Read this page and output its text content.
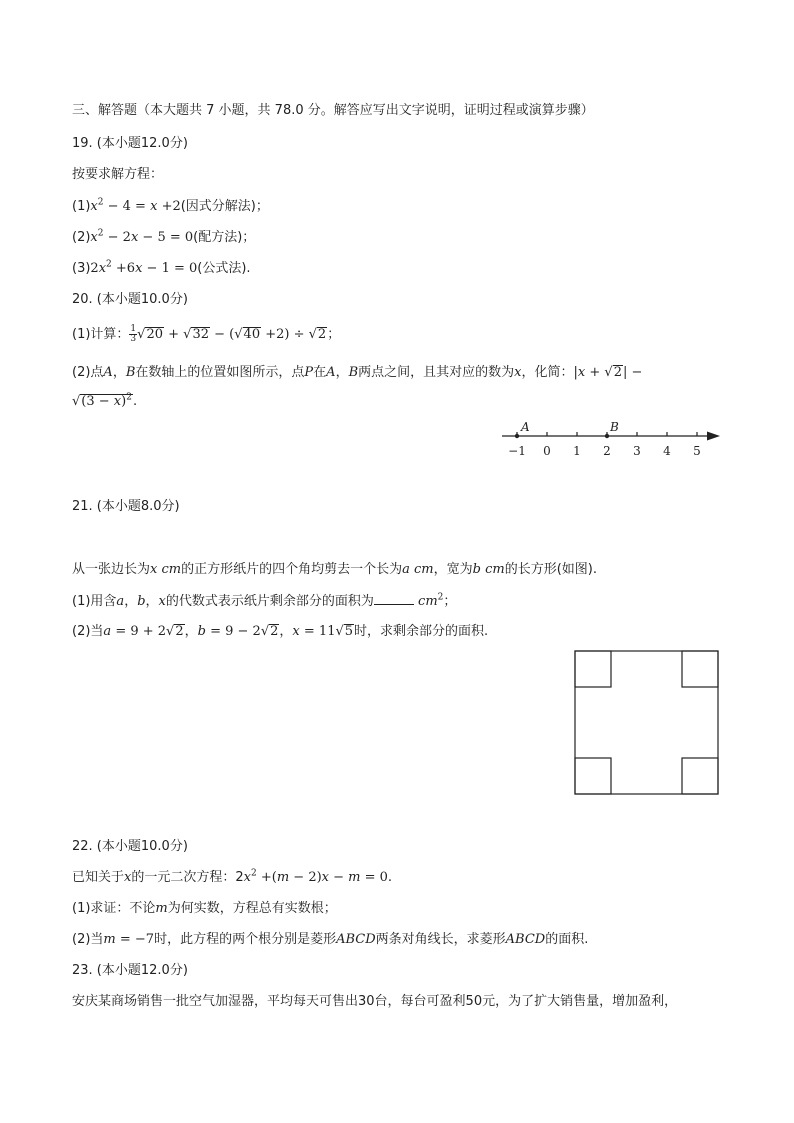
三、解答题（本大题共 7 小题，共 78.0 分。解答应写出文字说明，证明过程或演算步骤）
19. (本小题12.0分)
按要求解方程：
$(1)x^2 - 4 = x +2$(因式分解法)；
$(2)x^2 - 2x - 5 = 0$(配方法)；
$(3)2x^2 +6x - 1 = 0$(公式法).
20. (本小题10.0分)
(1)计算： $\frac{1}{3} √20 + √32 - (√40 +2) \div √2$；
(2)点A，B在数轴上的位置如图所示，点P在A，B两点之间，且其对应的数为x，化简：|x + √2| −
$√(3 - x)^2$.
−1 0 1 2 3 4 5
A	B
21. (本小题8.0分)
从一张边长为x cm的正方形纸片的四个角均剪去一个长为a cm，宽为b cm的长方形(如图).
(1)用含a，b，x的代数式表示纸片剩余部分的面积为	$cm^2$；
(2)当a = 9 + 2√2，b = 9 − 2√2，x = 11√5时，求剩余部分的面积.
22. (本小题10.0分)
已知关于x的一元二次方程：$2x^2 +(m - 2)x - m = 0$.
(1)求证：不论m为何实数，方程总有实数根；
(2)当m = −7时，此方程的两个根分别是菱形ABCD两条对角线长，求菱形ABCD的面积.
23. (本小题12.0分)
安庆某商场销售一批空气加湿器，平均每天可售出30台，每台可盈利50元，为了扩大销售量，增加盈利，
